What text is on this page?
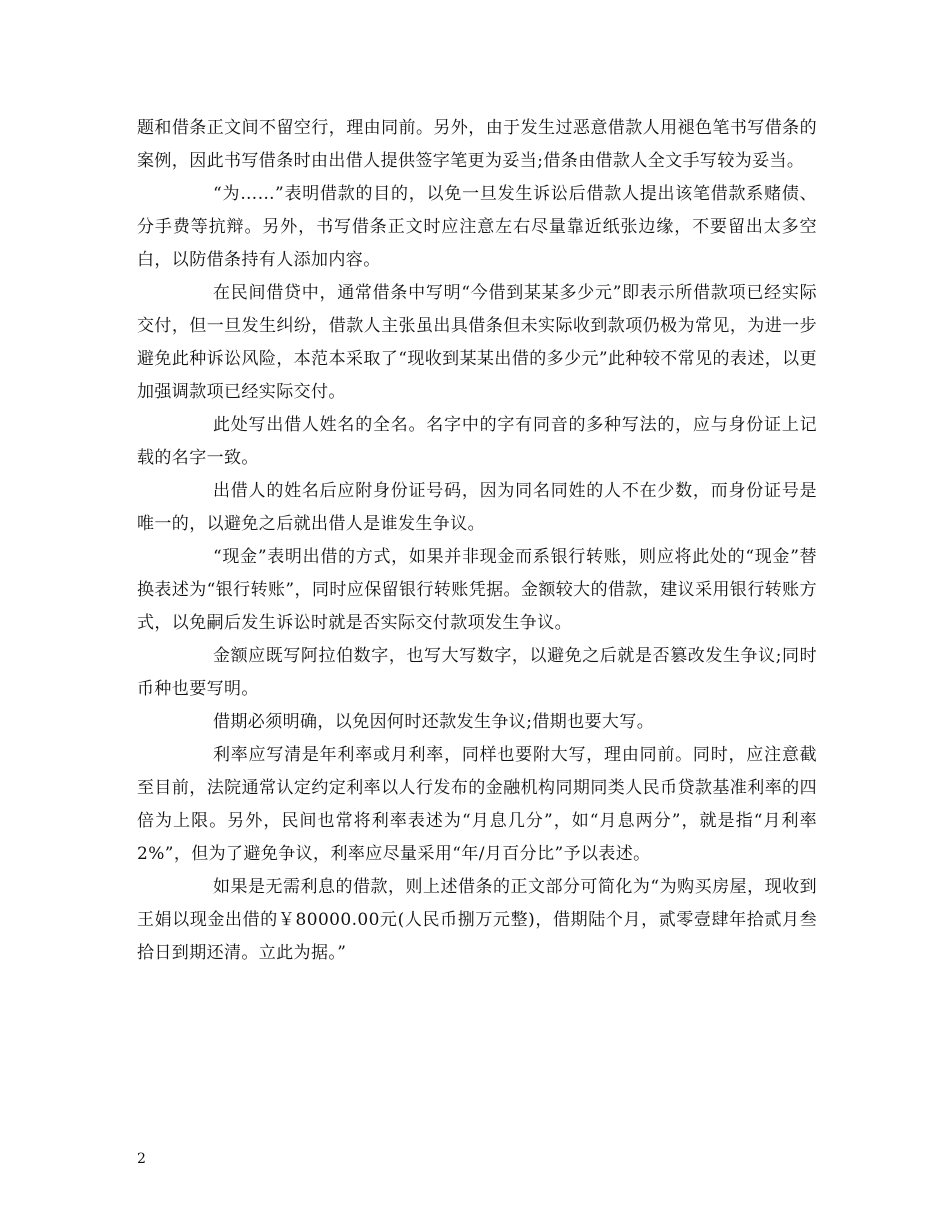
题和借条正文间不留空行，理由同前。另外，由于发生过恶意借款人用褪色笔书写借条的案例，因此书写借条时由出借人提供签字笔更为妥当;借条由借款人全文手写较为妥当。

“为……”表明借款的目的，以免一旦发生诉讼后借款人提出该笔借款系赌债、分手费等抗辩。另外，书写借条正文时应注意左右尽量靠近纸张边缘，不要留出太多空白，以防借条持有人添加内容。

在民间借贷中，通常借条中写明“今借到某某多少元”即表示所借款项已经实际交付，但一旦发生纠纷，借款人主张虽出具借条但未实际收到款项仍极为常见，为进一步避免此种诉讼风险，本范本采取了“现收到某某出借的多少元”此种较不常见的表述，以更加强调款项已经实际交付。

此处写出借人姓名的全名。名字中的字有同音的多种写法的，应与身份证上记载的名字一致。

出借人的姓名后应附身份证号码，因为同名同姓的人不在少数，而身份证号是唯一的，以避免之后就出借人是谁发生争议。

“现金”表明出借的方式，如果并非现金而系银行转账，则应将此处的“现金”替换表述为“银行转账”，同时应保留银行转账凭据。金额较大的借款，建议采用银行转账方式，以免嗣后发生诉讼时就是否实际交付款项发生争议。

金额应既写阿拉伯数字，也写大写数字，以避免之后就是否篡改发生争议;同时币种也要写明。

借期必须明确，以免因何时还款发生争议;借期也要大写。

利率应写清是年利率或月利率，同样也要附大写，理由同前。同时，应注意截至目前，法院通常认定约定利率以人行发布的金融机构同期同类人民币贷款基准利率的四倍为上限。另外，民间也常将利率表述为“月息几分”，如“月息两分”，就是指“月利率2%”，但为了避免争议，利率应尽量采用“年/月百分比”予以表述。

如果是无需利息的借款，则上述借条的正文部分可简化为“为购买房屋，现收到王娟以现金出借的￥80000.00元(人民币捌万元整)，借期陆个月，贰零壹肆年拾贰月叁拾日到期还清。立此为据。”

2
